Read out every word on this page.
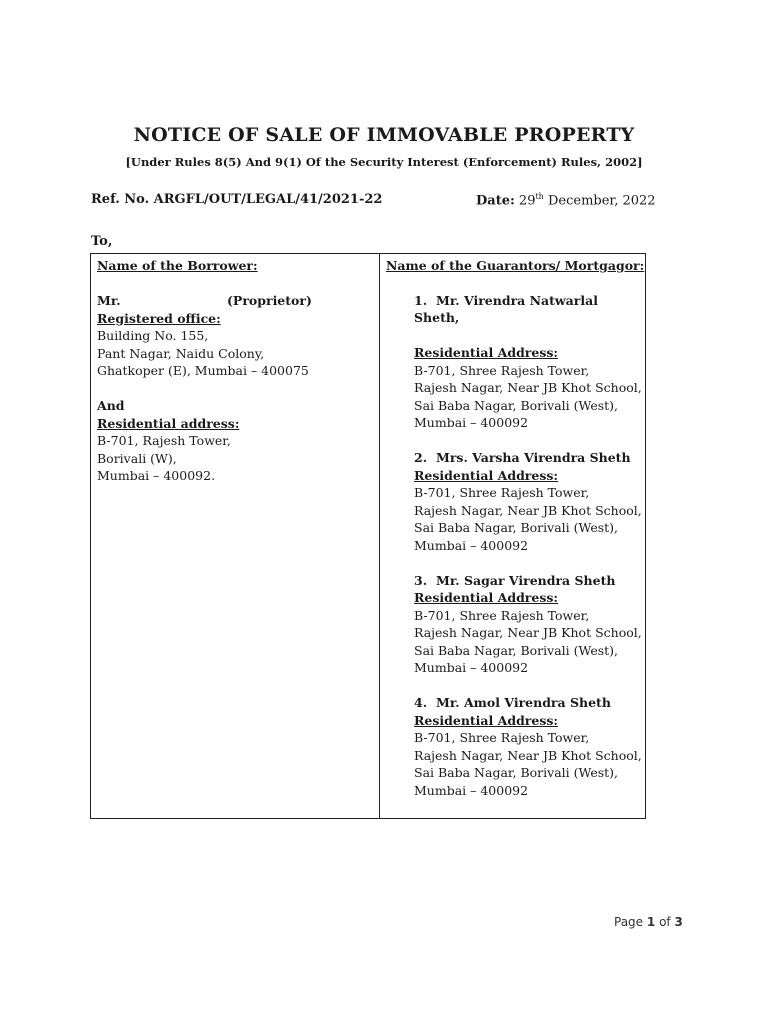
NOTICE OF SALE OF IMMOVABLE PROPERTY
[Under Rules 8(5) And 9(1) Of the Security Interest (Enforcement) Rules, 2002]
Ref. No. ARGFL/OUT/LEGAL/41/2021-22	Date: 29th December, 2022
To,
Name of the Borrower:
Mr.	(Proprietor)
Registered office:
Building No. 155,
Pant Nagar, Naidu Colony,
Ghatkoper (E), Mumbai – 400075
And
Residential address:
B-701, Rajesh Tower,
Borivali (W),
Mumbai – 400092.
Name of the Guarantors/ Mortgagor:
1. Mr. Virendra Natwarlal Sheth,
Residential Address:
B-701, Shree Rajesh Tower,
Rajesh Nagar, Near JB Khot School,
Sai Baba Nagar, Borivali (West),
Mumbai – 400092
2. Mrs. Varsha Virendra Sheth
Residential Address:
B-701, Shree Rajesh Tower,
Rajesh Nagar, Near JB Khot School,
Sai Baba Nagar, Borivali (West),
Mumbai – 400092
3. Mr. Sagar Virendra Sheth
Residential Address:
B-701, Shree Rajesh Tower,
Rajesh Nagar, Near JB Khot School,
Sai Baba Nagar, Borivali (West),
Mumbai – 400092
4. Mr. Amol Virendra Sheth
Residential Address:
B-701, Shree Rajesh Tower,
Rajesh Nagar, Near JB Khot School,
Sai Baba Nagar, Borivali (West),
Mumbai – 400092
Page 1 of 3
